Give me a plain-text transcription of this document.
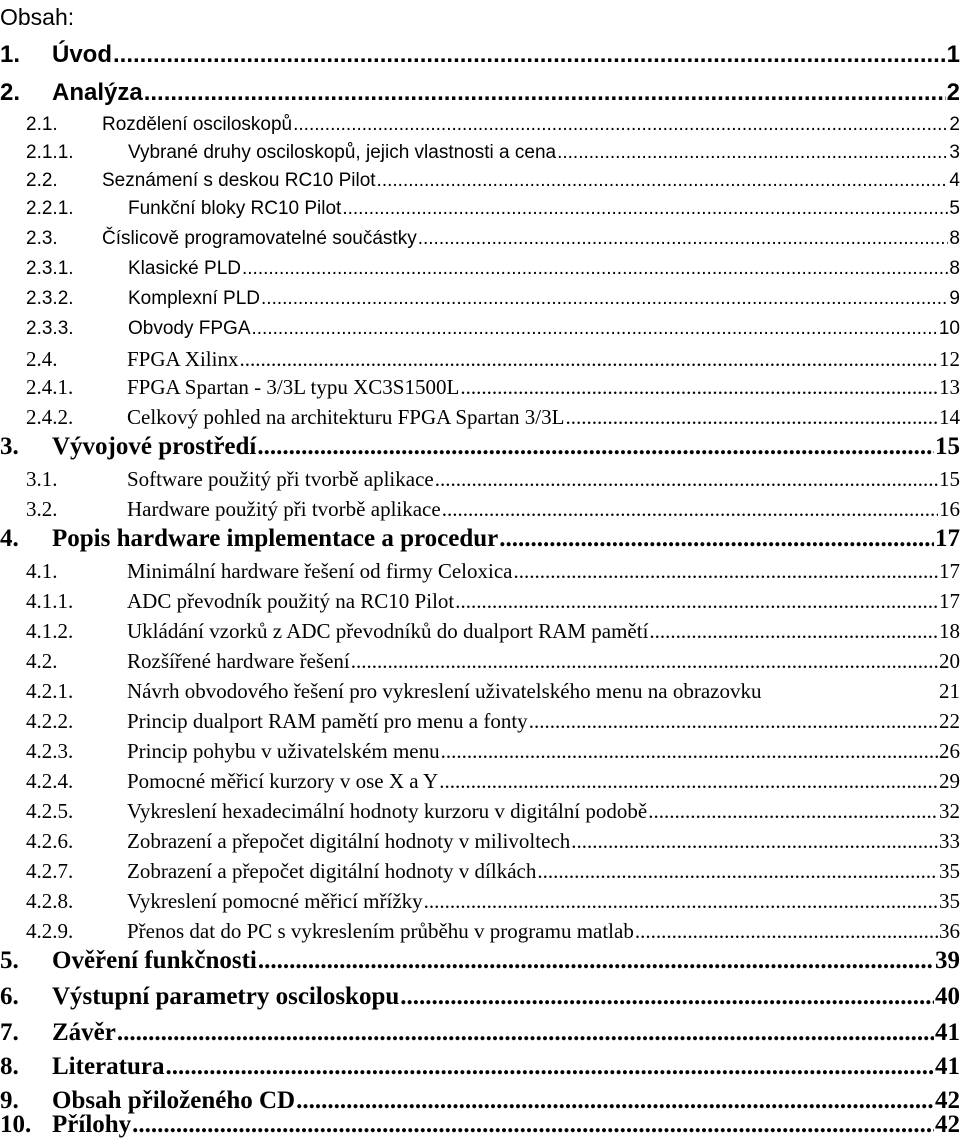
Obsah:
1.	Úvod .....	1
2.	Analýza .....	2
2.1.	Rozdělení osciloskopů .....	2
2.1.1.	Vybrané druhy osciloskopů, jejich vlastnosti a cena .....	3
2.2.	Seznámení s deskou RC10 Pilot .....	4
2.2.1.	Funkční bloky RC10 Pilot .....	5
2.3.	Číslicově programovatelné součástky .....	8
2.3.1.	Klasické PLD .....	8
2.3.2.	Komplexní PLD .....	9
2.3.3.	Obvody FPGA .....	10
2.4.	FPGA Xilinx .....	12
2.4.1.	FPGA Spartan - 3/3L typu XC3S1500L .....	13
2.4.2.	Celkový pohled na architekturu FPGA Spartan 3/3L .....	14
3.	Vývojové prostředí .....	15
3.1.	Software použitý při tvorbě aplikace .....	15
3.2.	Hardware použitý při tvorbě aplikace .....	16
4.	Popis hardware implementace a procedur .....	17
4.1.	Minimální hardware řešení od firmy Celoxica .....	17
4.1.1.	ADC převodník použitý na RC10 Pilot .....	17
4.1.2.	Ukládání vzorků z ADC převodníků do dualport RAM pamětí .....	18
4.2.	Rozšířené hardware řešení .....	20
4.2.1.	Návrh obvodového řešení pro vykreslení uživatelského menu na obrazovku	21
4.2.2.	Princip dualport RAM pamětí pro menu a fonty .....	22
4.2.3.	Princip pohybu v uživatelském menu .....	26
4.2.4.	Pomocné měřicí kurzory v ose X a Y .....	29
4.2.5.	Vykreslení hexadecimální hodnoty kurzoru v digitální podobě .....	32
4.2.6.	Zobrazení a přepočet digitální hodnoty v milivoltech .....	33
4.2.7.	Zobrazení a přepočet digitální hodnoty v dílkách .....	35
4.2.8.	Vykreslení pomocné měřicí mřížky .....	35
4.2.9.	Přenos dat do PC s vykreslením průběhu v programu matlab .....	36
5.	Ověření funkčnosti .....	39
6.	Výstupní parametry osciloskopu .....	40
7.	Závěr .....	41
8.	Literatura .....	41
9.	Obsah přiloženého CD .....	42
10. Přílohy .....	42
